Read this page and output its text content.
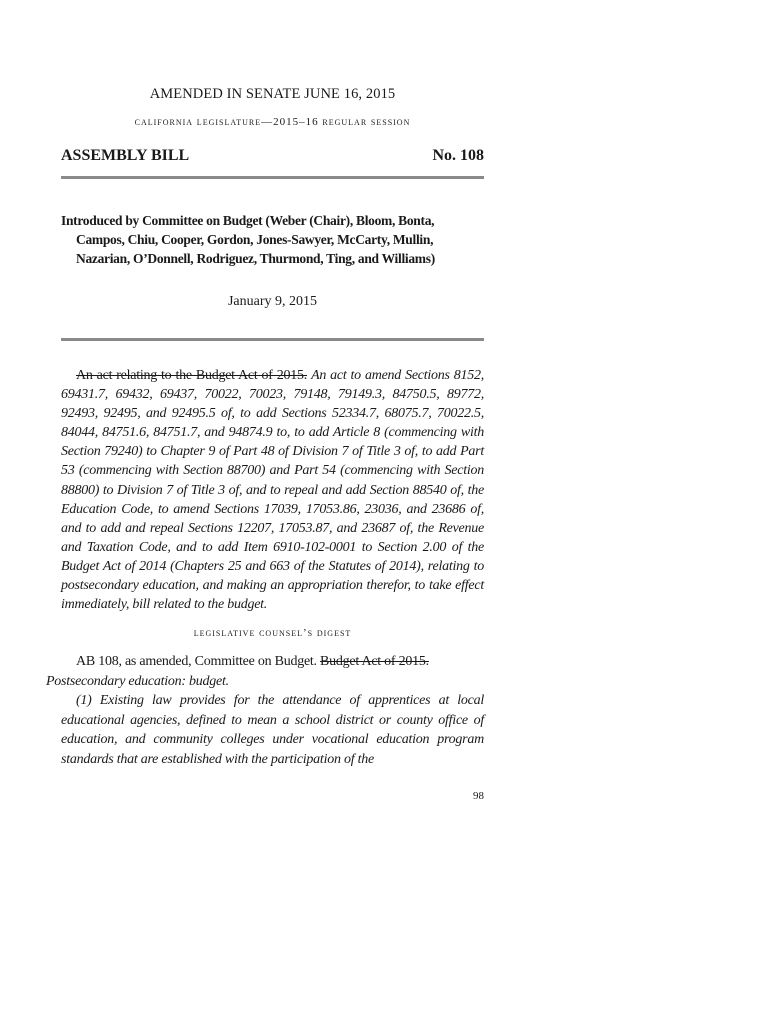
AMENDED IN SENATE JUNE 16, 2015
california legislature—2015–16 regular session
ASSEMBLY BILL	No. 108
Introduced by Committee on Budget (Weber (Chair), Bloom, Bonta,
Campos, Chiu, Cooper, Gordon, Jones-Sawyer, McCarty, Mullin,
Nazarian, O’Donnell, Rodriguez, Thurmond, Ting, and Williams)
January 9, 2015
An act relating to the Budget Act of 2015. An act to amend Sections 8152, 69431.7, 69432, 69437, 70022, 70023, 79148, 79149.3, 84750.5, 89772, 92493, 92495, and 92495.5 of, to add Sections 52334.7, 68075.7, 70022.5, 84044, 84751.6, 84751.7, and 94874.9 to, to add Article 8 (commencing with Section 79240) to Chapter 9 of Part 48 of Division 7 of Title 3 of, to add Part 53 (commencing with Section 88700) and Part 54 (commencing with Section 88800) to Division 7 of Title 3 of, and to repeal and add Section 88540 of, the Education Code, to amend Sections 17039, 17053.86, 23036, and 23686 of, and to add and repeal Sections 12207, 17053.87, and 23687 of, the Revenue and Taxation Code, and to add Item 6910-102-0001 to Section 2.00 of the Budget Act of 2014 (Chapters 25 and 663 of the Statutes of 2014), relating to postsecondary education, and making an appropriation therefor, to take effect immediately, bill related to the budget.
legislative counsel’s digest

AB 108, as amended, Committee on Budget. Budget Act of 2015.
Postsecondary education: budget.

(1) Existing law provides for the attendance of apprentices at local educational agencies, defined to mean a school district or county office of education, and community colleges under vocational education program standards that are established with the participation of the

98
